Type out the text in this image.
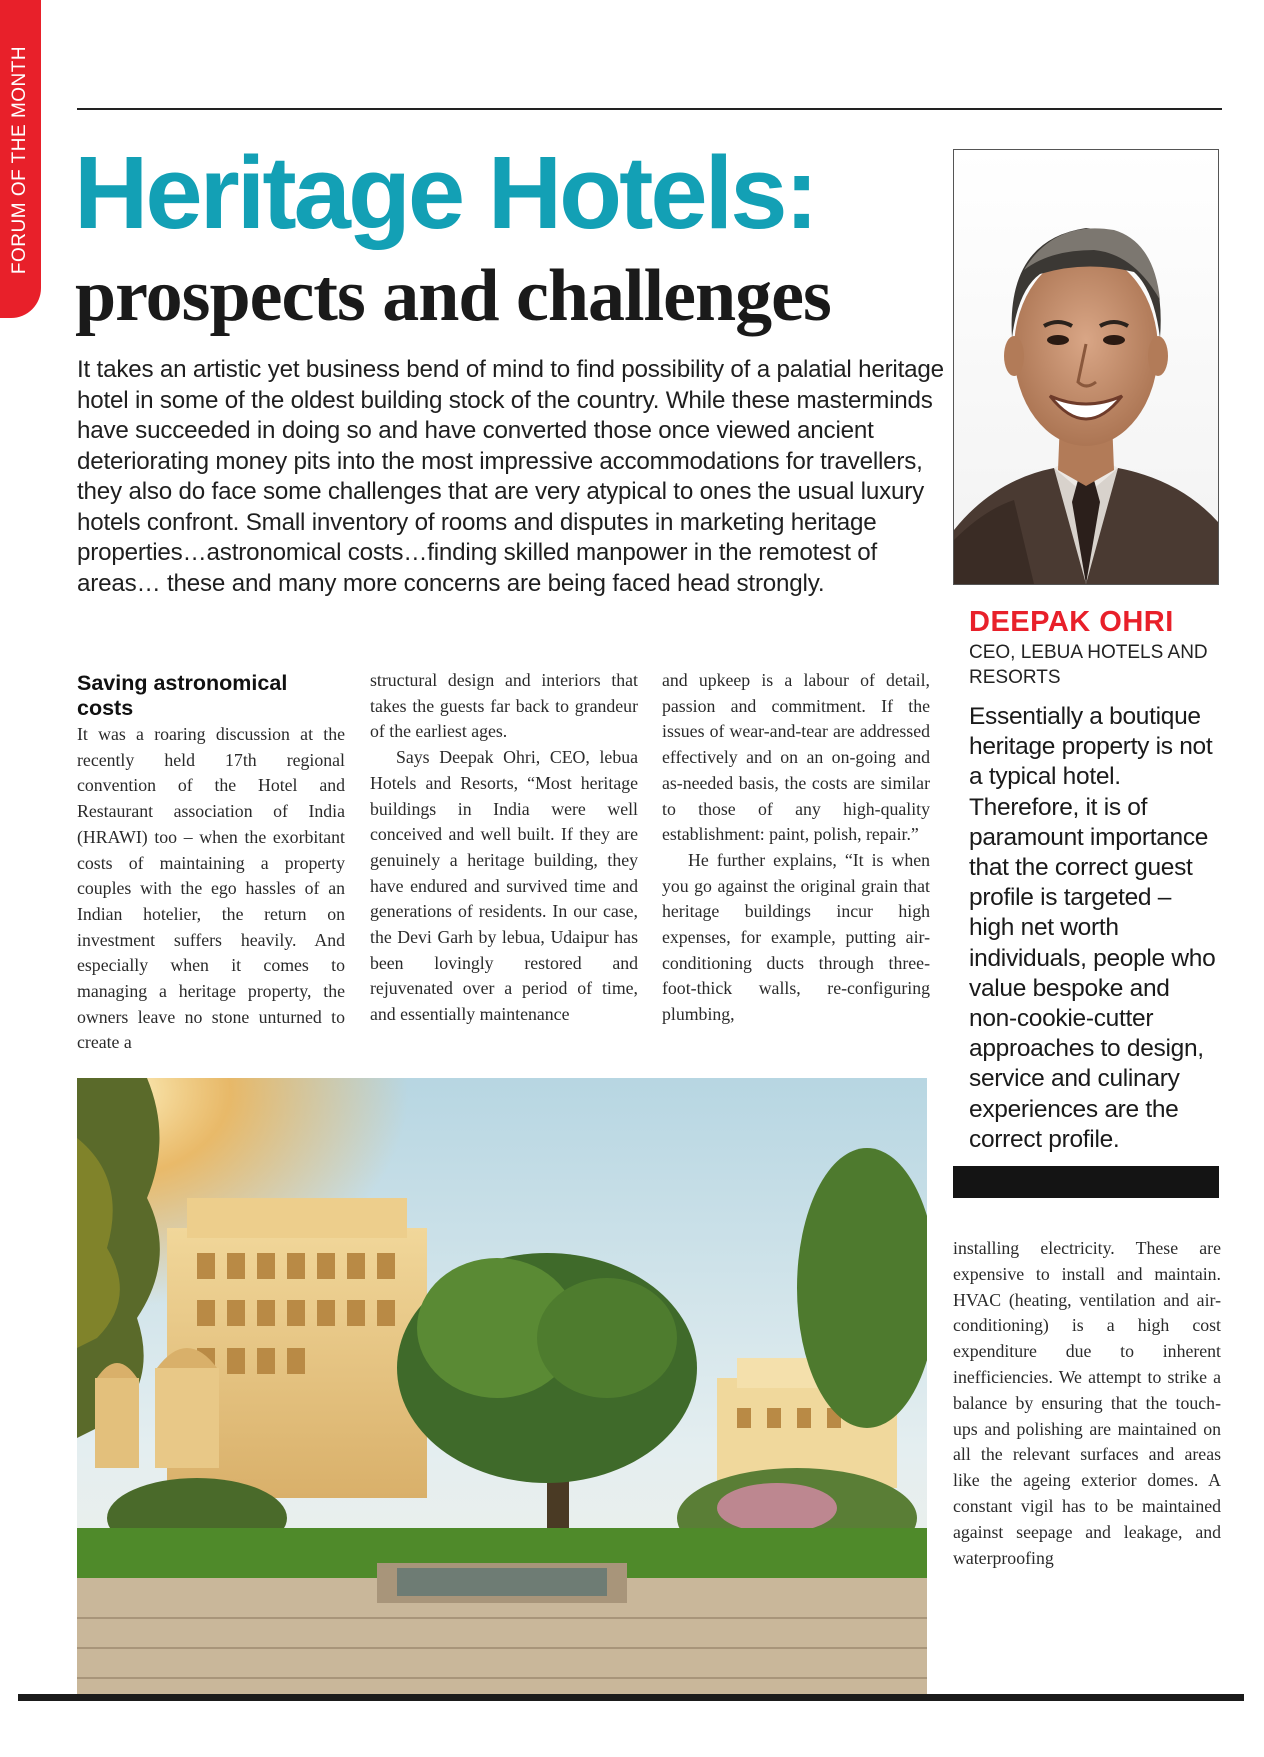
FORUM OF THE MONTH Heritage Hotels:
prospects and challenges

It takes an artistic yet business bend of mind to find possibility of a palatial heritage hotel in some of the oldest building stock of the country. While these masterminds have succeeded in doing so and have converted those once viewed ancient deteriorating money pits into the most impressive accommodations for travellers, they also do face some challenges that are very atypical to ones the usual luxury hotels confront. Small inventory of rooms and disputes in marketing heritage properties…astronomical costs…finding skilled manpower in the remotest of areas… these and many more concerns are being faced head strongly.

Saving astronomical costs

It was a roaring discussion at the recently held 17th regional convention of the Hotel and Restaurant association of India (HRAWI) too – when the exorbitant costs of maintaining a property couples with the ego hassles of an Indian hotelier, the return on investment suffers heavily. And especially when it comes to managing a heritage property, the owners leave no stone unturned to create a

structural design and interiors that takes the guests far back to grandeur of the earliest ages.

Says Deepak Ohri, CEO, lebua Hotels and Resorts, “Most heritage buildings in India were well conceived and well built. If they are genuinely a heritage building, they have endured and survived time and generations of residents. In our case, the Devi Garh by lebua, Udaipur has been lovingly restored and rejuvenated over a period of time, and essentially maintenance

and upkeep is a labour of detail, passion and commitment. If the issues of wear-and-tear are addressed effectively and on an on-going and as-needed basis, the costs are similar to those of any high-quality establishment: paint, polish, repair.”

He further explains, “It is when you go against the original grain that heritage buildings incur high expenses, for example, putting air-conditioning ducts through three-foot-thick walls, re-configuring plumbing,

DEEPAK OHRI

CEO, LEBUA HOTELS AND RESORTS

Essentially a boutique heritage property is not a typical hotel. Therefore, it is of paramount importance that the correct guest profile is targeted – high net worth individuals, people who value bespoke and non-cookie-cutter approaches to design, service and culinary experiences are the correct profile.

installing electricity. These are expensive to install and maintain. HVAC (heating, ventilation and air-conditioning) is a high cost expenditure due to inherent inefficiencies. We attempt to strike a balance by ensuring that the touch-ups and polishing are maintained on all the relevant surfaces and areas like the ageing exterior domes. A constant vigil has to be maintained against seepage and leakage, and waterproofing
